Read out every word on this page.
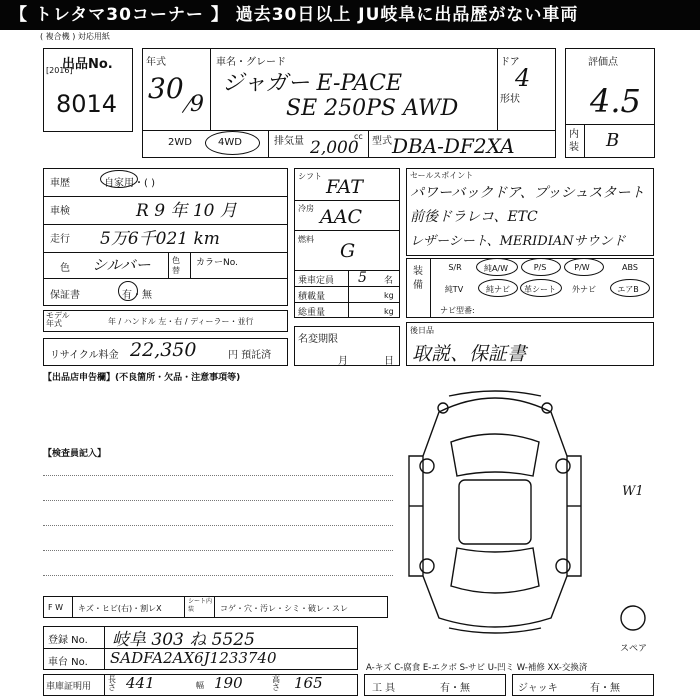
【 トレタマ30コーナー 】 過去30日以上 JU岐阜に出品歴がない車両
( 複合機 ) 対応用紙
出品No.
[2016]
8014
年式
30 9
車名・グレード
ジャガー E-PACE
SE 250PS AWD
ドア
4
形状
2WD	4WD	排気量 2,000
cc 型式 DBA-DF2XA
評価点
4.5
内装 B
車歴	自家用・( )
車検	R 9 年 10 月
走行 5万6千021 km
色 シルバー	色替
カラーNo.
保証書	有・無
モデル年式	年 / ハンドル 左・右 / ディーラー・並行
シフト FAT
冷房 AAC
燃料
G
乗車定員 5 名
積載量	kg
総重量	kg
セールスポイント
パワーバックドア、プッシュスタート
前後ドラレコ、ETC
レザーシート、MERIDIANサウンド
装備
S/R	純A/W	P/S	P/W	ABS
純TV	純ナビ	革シート	外ナビ	エアB
ナビ型番:
リサイクル料金 22,350	円 預託済
名変期限
月	日
後日品
取説、保証書
【出品店申告欄】(不良箇所・欠品・注意事項等)
【検査員記入】
W1
スペア
F W キズ・ヒビ(右)・割レX
シート内装	コゲ・穴・汚レ・シミ・破レ・スレ
登録 No. 岐阜 303 ね 5525
車台 No. SADFA2AX6J1233740
A-キズ C-腐食 E-エクボ S-サビ U-凹ミ W-補修 XX-交換済
車庫証明用
長さ 441	幅 190	高さ 165	工 具	有・無	ジャッキ	有・無
